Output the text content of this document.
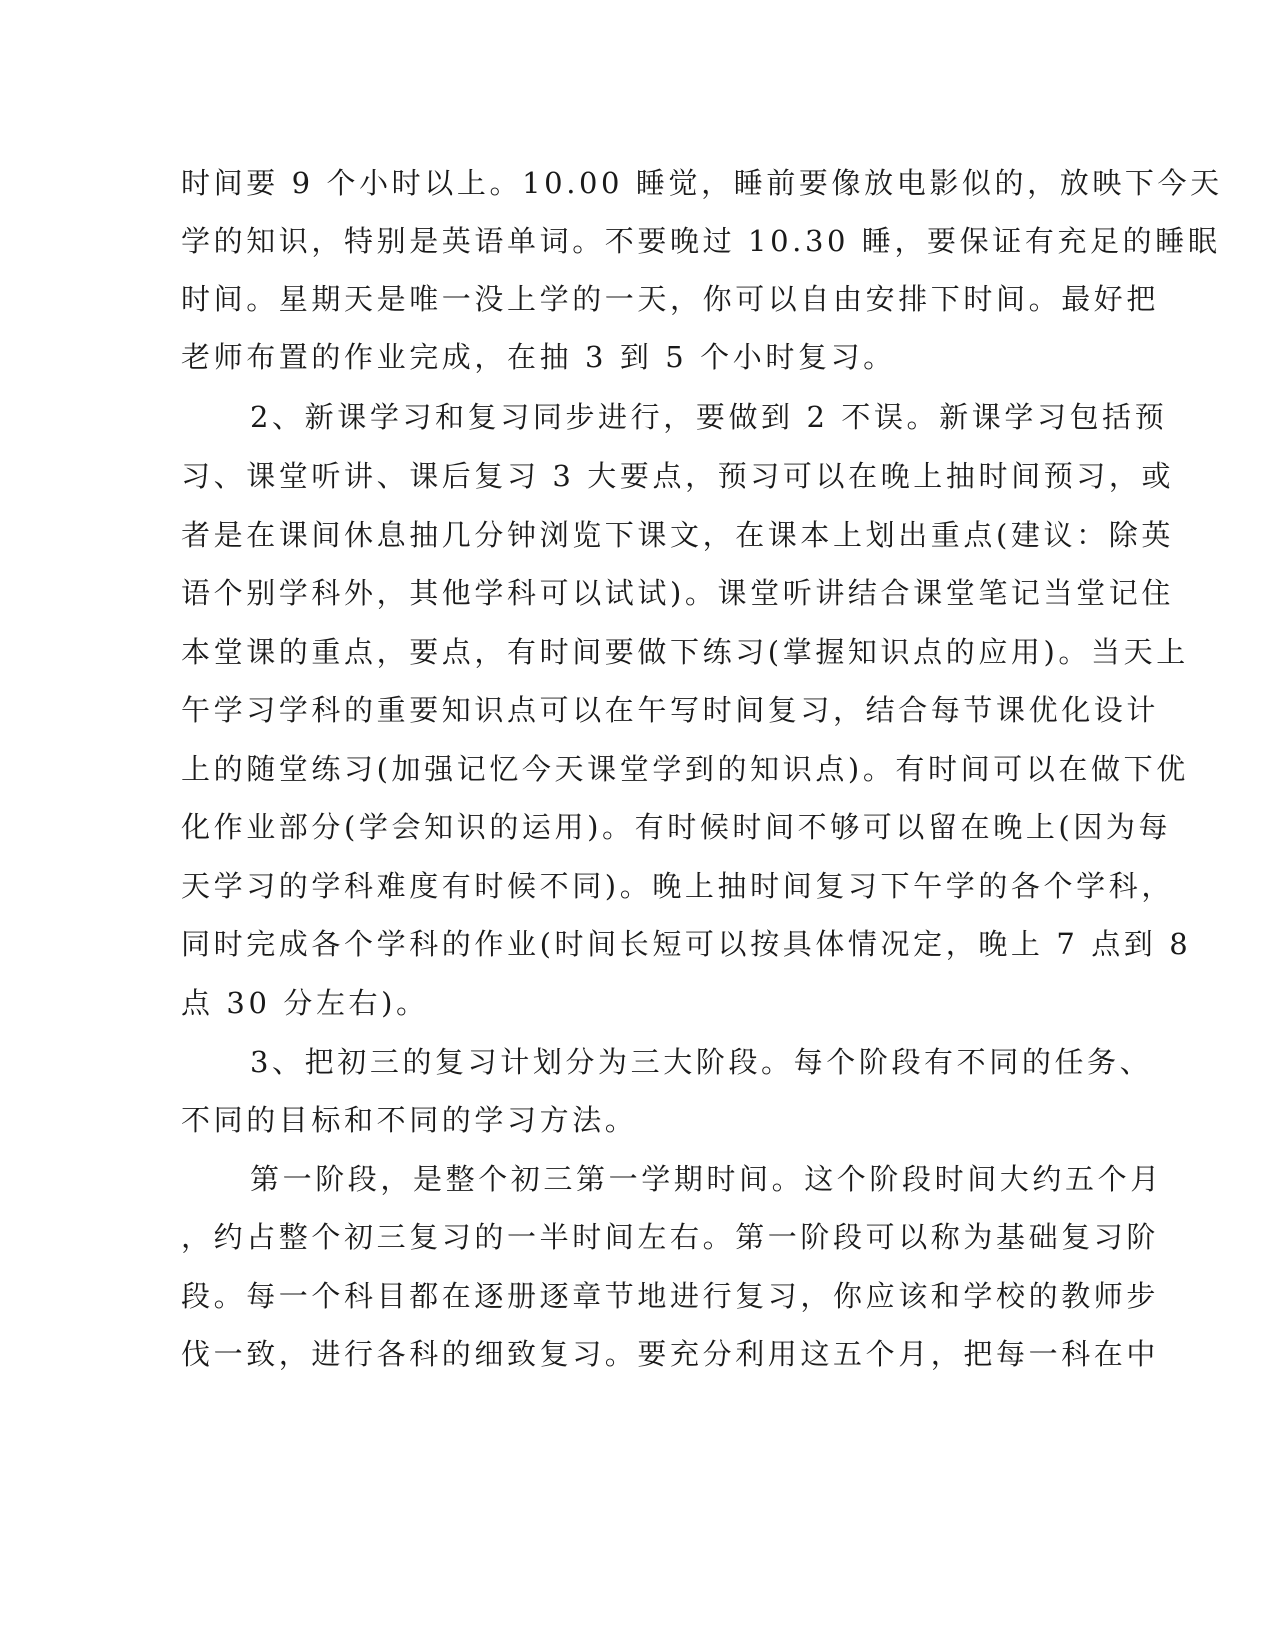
时间要 9 个小时以上。10.00 睡觉，睡前要像放电影似的，放映下今天

学的知识，特别是英语单词。不要晚过 10.30 睡，要保证有充足的睡眠

时间。星期天是唯一没上学的一天，你可以自由安排下时间。最好把

老师布置的作业完成，在抽 3 到 5 个小时复习。

2、新课学习和复习同步进行，要做到 2 不误。新课学习包括预

习、课堂听讲、课后复习 3 大要点，预习可以在晚上抽时间预习，或

者是在课间休息抽几分钟浏览下课文，在课本上划出重点(建议：除英

语个别学科外，其他学科可以试试)。课堂听讲结合课堂笔记当堂记住

本堂课的重点，要点，有时间要做下练习(掌握知识点的应用)。当天上

午学习学科的重要知识点可以在午写时间复习，结合每节课优化设计

上的随堂练习(加强记忆今天课堂学到的知识点)。有时间可以在做下优

化作业部分(学会知识的运用)。有时候时间不够可以留在晚上(因为每

天学习的学科难度有时候不同)。晚上抽时间复习下午学的各个学科，

同时完成各个学科的作业(时间长短可以按具体情况定，晚上 7 点到 8

点 30 分左右)。

3、把初三的复习计划分为三大阶段。每个阶段有不同的任务、

不同的目标和不同的学习方法。

第一阶段，是整个初三第一学期时间。这个阶段时间大约五个月

，约占整个初三复习的一半时间左右。第一阶段可以称为基础复习阶

段。每一个科目都在逐册逐章节地进行复习，你应该和学校的教师步

伐一致，进行各科的细致复习。要充分利用这五个月，把每一科在中
